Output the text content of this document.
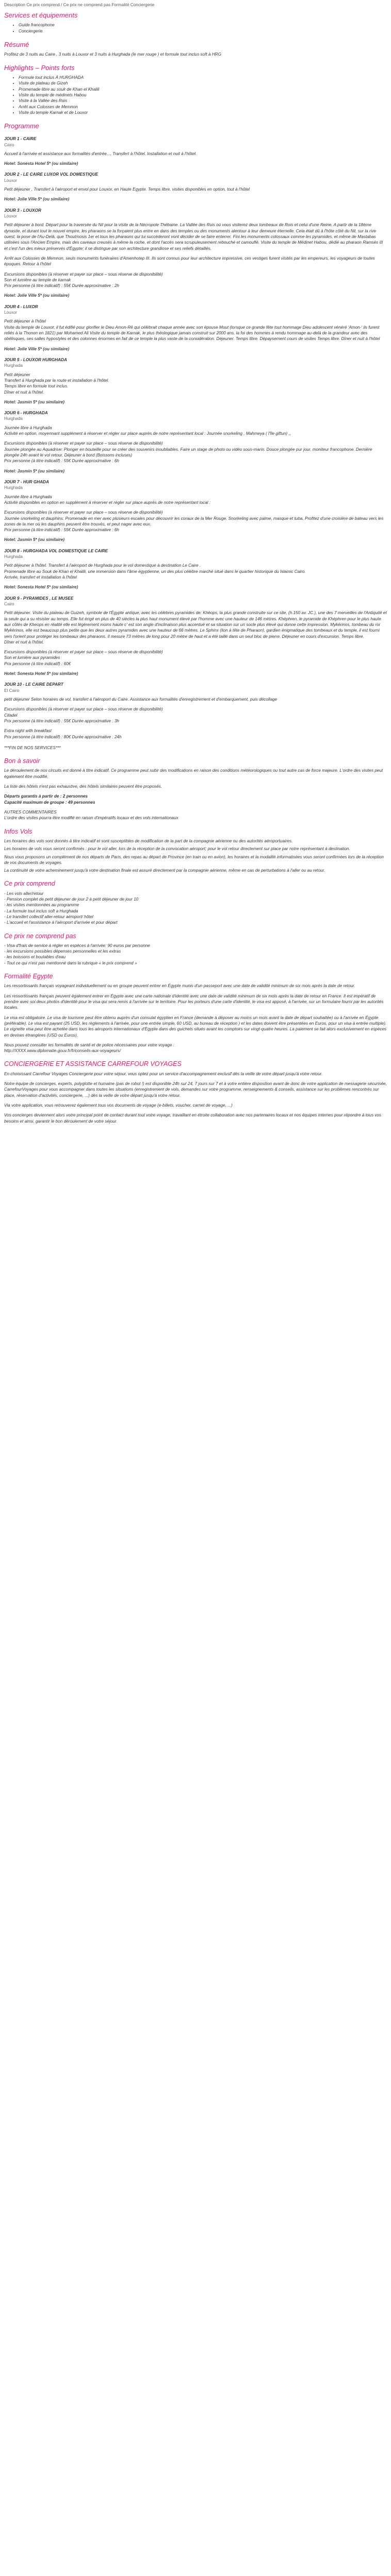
Description Ce prix comprend / Ce prix ne comprend pas Formalité Conciergerie
Services et équipements
• Guide francophone
• Conciergerie
Résumé

Profitez de 3 nuits au Caire , 3 nuits à Louxor et 3 nuits à Hurghada (le mer rouge ) et formule tout inclus soft à HRG

Highlights – Points forts
• Formule tout inclus À HURGHADA
• Visite de plateau de Gizeh
• Promenade libre au souk de Khan el Khalili
• Visite du temple de médinets Habou
• Visite à la Vallée des Rois
• Arrêt aux Colosses de Memnon
• Visite du temple Karnak et de Louxor
Programme
JOUR 1 - CAIRE
Cairo

Accueil à l'arrivée et assistance aux formalités d'entrée..., Transfert à l'hôtel. Installation et nuit à l'hôtel.

Hotel: Sonesta Hotel 5* (ou similaire)
JOUR 2 - LE CAIRE LUXOR VOL DOMESTIQUE
Louxor

Petit déjeuner , Transfert à l'aéroport et envol pour Louxor, en Haute Egypte. Temps libre, visites disponibles en option, tout à l'hôtel

Hotel: Jolie Ville 5* (ou similaire)
JOUR 3 - LOUXOR
Louxor

Petit déjeuner à bord. Départ pour la traversée du Nil pour la visite de la Nécropole Thébaine. La Vallée des Rois où vous visiterez deux tombeaux de Rois et celui d'une Reine. A partir de la 18ème dynastie, et durant tout le nouvel empire, les pharaons se la forçaient plus entre en dans des temples ou des monuments alentour à leur demeure éternelle. Cela était dû à l'hôte côté du Nil, sur la rive ouest, la pose de l'Au-Delà, que Thoutmosis 1er et tous les pharaons qui lui succéderont vont décider de se faire enterrer. Fini les monuments colossaux comme les pyramides, et même de Mastabas utilisées sous l'Ancien Empire, mais des caveaux creusés à même la roche, et dont l'accès sera scrupuleusement rebouché et camouflé. Visite du temple de Médinet Habou, dédié au pharaon Ramsès III et c'est l'un des mieux préservés d'Égypte; il se distingue par son architecture grandiose et ses reliefs détaillés.

Arrêt aux Colosses de Memnon, seuls monuments funéraires d'Amenhotep III. Ils sont connus pour leur architecture impressive, ces vestiges furent visités par les empereurs, les voyageurs de toutes époques. Retour à l'hôtel

Excursions disponibles (à réserver et payer sur place – sous réserve de disponibilité)
Son et lumière au temple de karnak
Prix personne (à titre indicatif) : 55€ Durée approximative : 2h

Hotel: Jolie Ville 5* (ou similaire)
JOUR 4 - LUXOR
Louxor

Petit déjeuner à l'hôtel
Visite du temple de Louxor, il fut édifié pour glorifier le Dieu Amon-Rê qui célébrait chaque année avec son épouse Mout (lorsque ce grande fête tout hommage Dieu adolescent vénéré 'Amon-' ils furent reliés à la Thonon en 1821) par Mohamed Ali Visite du temple de Karnak, le plus théologique jamais construit sur 2000 ans, la foi des hommes à rendu hommage au-delà de la grandeur avec des obélisques, ses salles hypostyles et des colonnes énormes en fait de ce temple la plus vaste de la considération. Déjeuner. Temps libre. Dépaysement cours de visites Temps libre. Dîner et nuit à l'hôtel

Hotel: Jolie Ville 5* (ou similaire)
JOUR 5 - LOUXOR HURGHADA
Hurghada

Petit déjeuner
Transfert à Hurghada par la route et installation à l'hôtel.
Temps libre en formule tout inclus.
Dîner et nuit à l'hôtel.

Hotel: Jasmin 5* (ou similaire)
JOUR 6 - HURGHADA
Hurghada

Journée libre à Hurghada
Activité en option, moyennant supplément à réserver et régler sur place auprès de notre représentant local : Journée snorkeling , Mahmeya ( l'île giftun) ,,

Excursions disponibles (à réserver et payer sur place – sous réserve de disponibilité)
Journée plongée au Aquadrive: Plonger en bouteille pour se créer des souvenirs inoubliables. Faire un stage de photo ou vidéo sous-marin. Douce plongée pur jour, moniteur francophone. Dernière plongée 24h avant le vol retour. Déjeuner à bord (Boissons incluses)
Prix personne (à titre indicatif) : 55€ Durée approximative : 6h

Hotel: Jasmin 5* (ou similaire)
JOUR 7 - HUR GHADA
Hurghada

Journée libre à Hurghada
Activité disponibles en option en supplément à réserver et régler sur place auprès de notre représentant local :

Excursions disponibles (à réserver et payer sur place – sous réserve de disponibilité)
Journée snorkeling et dauphins: Promenade en mer avec plusieurs escales pour découvrir les coraux de la Mer Rouge. Snorkeling avec palme, masque et tuba. Profitez d'une croisière de bateau vers les zones de la mer où les dauphins peuvent être trouvés, et peut nager avec eux.
Prix personne (à titre indicatif) : 55€ Durée approximative : 6h

Hotel: Jasmin 5* (ou similaire)
JOUR 8 - HURGHADA VOL DOMESTIQUE LE CAIRE
Hurghada

Petit déjeuner à l'hôtel. Transfert à l'aéroport de Hurghada pour le vol domestique à destination Le Caire .
Promenade libre au Souk de Khan el Khalili, une immersion dans l'âme égyptienne, un des plus célèbre marché situé dans le quartier historique du Islamic Cairo.
Arrivée, transfert et installation à l'hôtel

Hotel: Sonesta Hotel 5* (ou similaire)
JOUR 9 - PYRAMIDES , LE MUSEE
Cairo

Petit déjeuner. Visite du plateau de Guizeh, symbole de l'Égypte antique, avec les célèbres pyramides de: Khéops, la plus grande construite sur ce site, (h.150 av. JC.), une des 7 merveilles de l'Antiquité et la seule qui a su résister au temps. Elle fut érigé en plus de 40 siècles la plus haut monument élevé par l'homme avec une hauteur de 146 mètres. Khéphren, le pyramide de Khéphren pour le plus haute aux côtés de Kheops en réalité elle est légèrement moins haute c' est son angle d'inclinaison plus accentué et sa situation sur un socle plus élevé qui donne cette impression. Mykérinos, tombeau du roi Mykérinos, elle est beaucoup plus petite que les deux autres pyramides avec une hauteur de 66 mètres. Le Sphinx (lion à tête de Pharaon), gardien énigmatique des tombeaux et du temple, il est fourni vers l'orient pour protéger les tombeaux des pharaons. Il mesure 73 mètres de long pour 20 mètre de haut et a été taillé dans un seul bloc de pierre. Déjeuner en cours d'excursion. Temps libre.
Dîner et nuit à l'hôtel.

Excursions disponibles (à réserver et payer sur place – sous réserve de disponibilité)
Son et lumière aux pyramides
Prix personne (à titre indicatif) : 60€

Hotel: Sonesta Hotel 5* (ou similaire)
JOUR 10 - LE CAIRE DEPART
El Cairo

petit déjeuner Selon horaires de vol, transfert à l'aéroport du Caire. Assistance aux formalités d'enregistrement et d'embarquement, puis décollage

Excursions disponibles (à réserver et payer sur place – sous réserve de disponibilité)
Citadel
Prix personne (à titre indicatif) : 55€ Durée approximative : 3h

Extra night with breakfast
Prix personne (à titre indicatif) : 80€ Durée approximative : 24h

***FIN DE NOS SERVICES***

Bon à savoir

Le déroulement de nos circuits est donné à titre indicatif. Ce programme peut subir des modifications en raison des conditions météorologiques ou tout autre cas de force majeure. L'ordre des visites peut également être modifié.

La liste des hôtels n'est pas exhaustive, des hôtels similaires peuvent être proposés.

Départs garantis à partir de : 2 personnes
Capacité maximum de groupe : 49 personnes
AUTRES COMMENTAIRES

L'ordre des visites pourra être modifié en raison d'impératifs locaux et des vols internationaux

Infos Vols

Les horaires des vols sont donnés à titre indicatif et sont susceptibles de modification de la part de la compagnie aérienne ou des autorités aéroportuaires.

Les horaires de vols vous seront confirmés : pour le vol aller, lors de la réception de la convocation aéroport; pour le vol retour directement sur place par notre représentant à destination.

Nous vous proposons un complément de nos départs de Paris, des repas au départ de Province (en train ou en avion), les horaires et la modalité informatisées vous seront confirmées lors de la réception de vos documents de voyages.

La continuité de votre acheminement jusqu'à votre destination finale est assuré directement par la compagnie aérienne, même en cas de perturbations à l'aller ou au retour.

Ce prix comprend

- Les vols aller/retour

- Pension complet de petit déjeuner de jour 2 à petit déjeuner de jour 10

- les visites mentionnées au programme

- La formule tout inclus soft a Hurghada

- Le transfert collectif aller-retour aéroport/ hôtel

- L'accueil et l'assistance à l'aéroport d'arrivée et pour départ

Ce prix ne comprend pas

- Visa d'frais de service à régler en espèces à l'arrivée: 90 euros par personne

- les excursions possibles dépenses personnelles et les extras

- les boissons et boutables d'eau

- Tout ce qui n'est pas mentionné dans la rubrique « le prix comprend »

Formalité Egypte

Les ressortissants français voyageant individuellement ou en groupe peuvent entrer en Égypte munis d'un passeport avec une date de validité minimum de six mois après la date de retour.

Les ressortissants français peuvent également entrer en Égypte avec une carte nationale d'identité avec une date de validité minimum de six mois après la date de retour en France. Il est impératif de prendre avec soi deux photos d'identité pour le visa qui sera remis à l'arrivée sur le territoire. Pour les porteurs d'une carte d'identité, le visa est apposé, à l'arrivée, sur un formulaire fourni par les autorités locales.

Le visa est obligatoire. Le visa de tourisme peut être obtenu auprès d'un consulat égyptien en France (demande à déposer au moins un mois avant la date de départ souhaitée) ou à l'arrivée en Égypte (préférable). Le visa est payant (25 USD, les règlements à l'arrivée, pour une entrée simple, 60 USD, au bureau de réception ) et les dates doivent être présentées en Euros, pour un visa à entrée multiple). Le vignette visa peut être achetée dans tous les aéroports internationaux d'Égypte dans des guichets situés avant les comptoirs sur vingt-quatre heures. La paiement se fait alors exclusivement en espèces en devises étrangères (USD ou Euros).

Nous pouvez consulter les formalités de santé et de police nécessaires pour votre voyage :
http://XXXX.www.diplomatie.gouv.fr/fr/conseils-aux-voyageurs/

CONCIERGERIE ET ASSISTANCE CARREFOUR VOYAGES

En choisissant Carrefour Voyages Conciergerie pour votre séjour, vous optez pour un service d'accompagnement exclusif dès la veille de votre départ jusqu'à votre retour.

Notre équipe de concierges, experts, polyglotte et humaine (pas de robot !) est disponible 24h sur 24, 7 jours sur 7 et à votre entière disposition avant de donc de votre application de messagerie sécurisée, CarrefourVoyages pour vous accompagner dans toutes les situations (enregistrement de vols, demandes sur votre programme, renseignements & conseils, assistance sur les problèmes rencontrés sur place, réservation d'activités, conciergerie, ...) dès la veille de votre départ jusqu'à votre retour.

Via votre application, vous retrouverez également tous vos documents de voyage (e-billets, voucher, carnet de voyage, ...)

Vos concierges deviennent alors votre principal point de contact durant tout votre voyage, travaillant en étroite collaboration avec nos partenaires locaux et nos équipes internes pour répondre à tous vos besoins et ainsi, garantir le bon déroulement de votre séjour.
